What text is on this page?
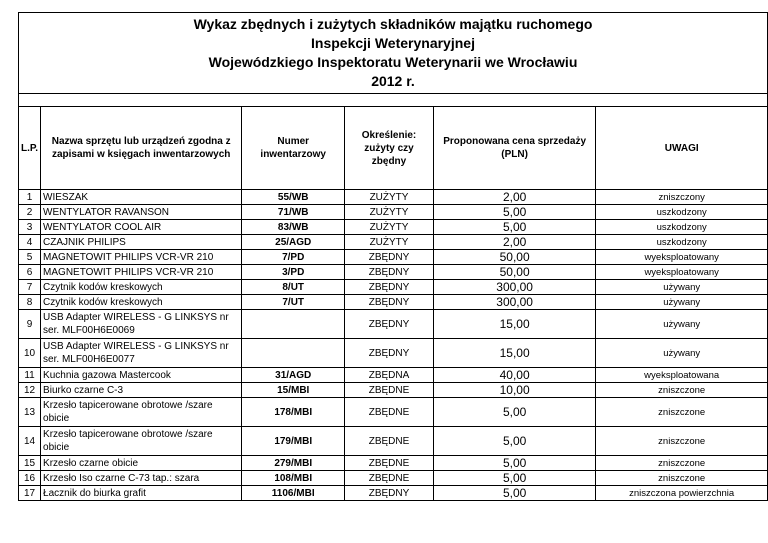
Wykaz zbędnych i zużytych składników majątku ruchomego
Inspekcji Weterynaryjnej
Wojewódzkiego Inspektoratu Weterynarii we Wrocławiu
2012 r.					

L.P.	Nazwa sprzętu lub urządzeń zgodna z zapisami w księgach inwentarzowych	Numer inwentarzowy	Określenie: zużyty czy zbędny	Proponowana cena sprzedaży (PLN)	UWAGI
1	WIESZAK	55/WB	ZUŻYTY	2,00	zniszczony
2	WENTYLATOR RAVANSON	71/WB	ZUŻYTY	5,00	uszkodzony
3	WENTYLATOR COOL AIR	83/WB	ZUŻYTY	5,00	uszkodzony
4	CZAJNIK PHILIPS	25/AGD	ZUŻYTY	2,00	uszkodzony
5	MAGNETOWIT PHILIPS VCR-VR 210	7/PD	ZBĘDNY	50,00	wyeksploatowany
6	MAGNETOWIT PHILIPS VCR-VR 210	3/PD	ZBĘDNY	50,00	wyeksploatowany
7	Czytnik kodów kreskowych	8/UT	ZBĘDNY	300,00	używany
8	Czytnik kodów kreskowych	7/UT	ZBĘDNY	300,00	używany
9	USB Adapter WIRELESS - G LINKSYS nr ser. MLF00H6E0069		ZBĘDNY	15,00	używany
10	USB Adapter WIRELESS - G LINKSYS nr ser. MLF00H6E0077		ZBĘDNY	15,00	używany
11	Kuchnia gazowa Mastercook	31/AGD	ZBĘDNA	40,00	wyeksploatowana
12	Biurko czarne C-3	15/MBI	ZBĘDNE	10,00	zniszczone
13	Krzesło tapicerowane obrotowe /szare obicie	178/MBI	ZBĘDNE	5,00	zniszczone
14	Krzesło tapicerowane obrotowe /szare obicie	179/MBI	ZBĘDNE	5,00	zniszczone
15	Krzesło czarne obicie	279/MBI	ZBĘDNE	5,00	zniszczone
16	Krzesło Iso czarne C-73 tap.: szara	108/MBI	ZBĘDNE	5,00	zniszczone
17	Łacznik do biurka grafit	1106/MBI	ZBĘDNY	5,00	zniszczona powierzchnia
